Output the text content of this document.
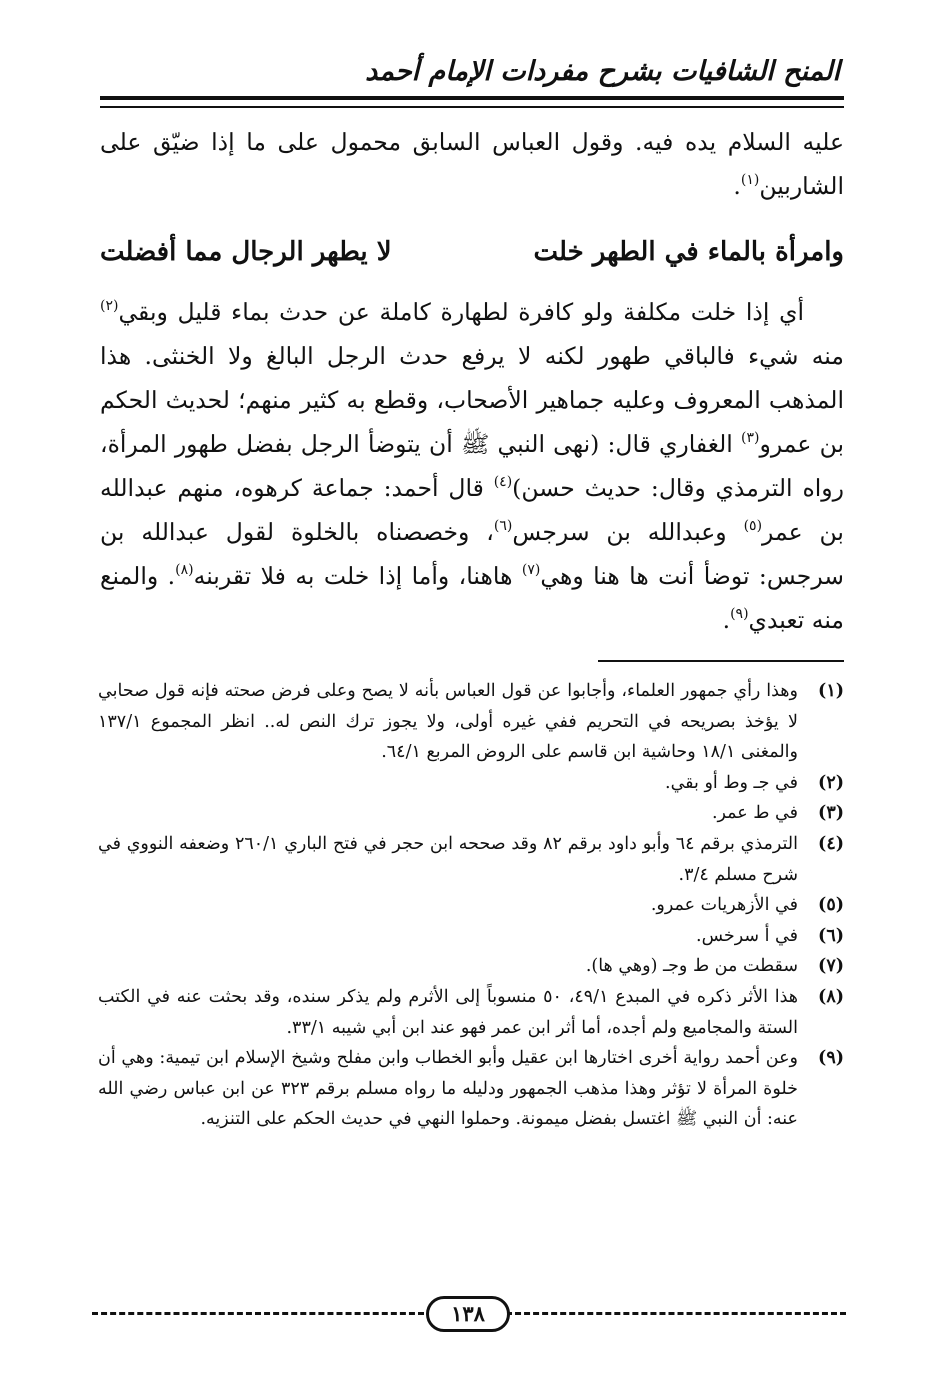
المنح الشافيات بشرح مفردات الإمام أحمد

عليه السلام يده فيه. وقول العباس السابق محمول على ما إذا ضيّق على الشاربين$^{(١)}$.

وامرأة بالماء في الطهر خلت
لا يطهر الرجال مما أفضلت

أي إذا خلت مكلفة ولو كافرة لطهارة كاملة عن حدث بماء قليل وبقي$^{(٢)}$ منه شيء فالباقي طهور لكنه لا يرفع حدث الرجل البالغ ولا الخنثى. هذا المذهب المعروف وعليه جماهير الأصحاب، وقطع به كثير منهم؛ لحديث الحكم بن عمرو$^{(٣)}$ الغفاري قال: (نهى النبي ﷺ أن يتوضأ الرجل بفضل طهور المرأة، رواه الترمذي وقال: حديث حسن)$^{(٤)}$ قال أحمد: جماعة كرهوه، منهم عبدالله بن عمر$^{(٥)}$ وعبدالله بن سرجس$^{(٦)}$، وخصصناه بالخلوة لقول عبدالله بن سرجس: توضأ أنت ها هنا وهي$^{(٧)}$ هاهنا، وأما إذا خلت به فلا تقربنه$^{(٨)}$. والمنع منه تعبدي$^{(٩)}$.

(١)
وهذا رأي جمهور العلماء، وأجابوا عن قول العباس بأنه لا يصح وعلى فرض صحته فإنه قول صحابي لا يؤخذ بصريحه في التحريم ففي غيره أولى، ولا يجوز ترك النص له.. انظر المجموع ١٣٧/١ والمغنى ١٨/١ وحاشية ابن قاسم على الروض المربع ٦٤/١.
(٢)
في جـ وط أو بقي.
(٣)
في ط عمر.
(٤)
الترمذي برقم ٦٤ وأبو داود برقم ٨٢ وقد صححه ابن حجر في فتح الباري ٢٦٠/١ وضعفه النووي في شرح مسلم ٣/٤.
(٥)
في الأزهريات عمرو.
(٦)
في أ سرخس.
(٧)
سقطت من ط وجـ (وهي ها).
(٨)
هذا الأثر ذكره في المبدع ٤٩/١، ٥٠ منسوباً إلى الأثرم ولم يذكر سنده، وقد بحثت عنه في الكتب الستة والمجاميع ولم أجده، أما أثر ابن عمر فهو عند ابن أبي شيبه ٣٣/١.
(٩)
وعن أحمد رواية أخرى اختارها ابن عقيل وأبو الخطاب وابن مفلح وشيخ الإسلام ابن تيمية: وهي أن خلوة المرأة لا تؤثر وهذا مذهب الجمهور ودليله ما رواه مسلم برقم ٣٢٣ عن ابن عباس رضي الله عنه: أن النبي ﷺ اغتسل بفضل ميمونة. وحملوا النهي في حديث الحكم على التنزيه.
١٣٨
